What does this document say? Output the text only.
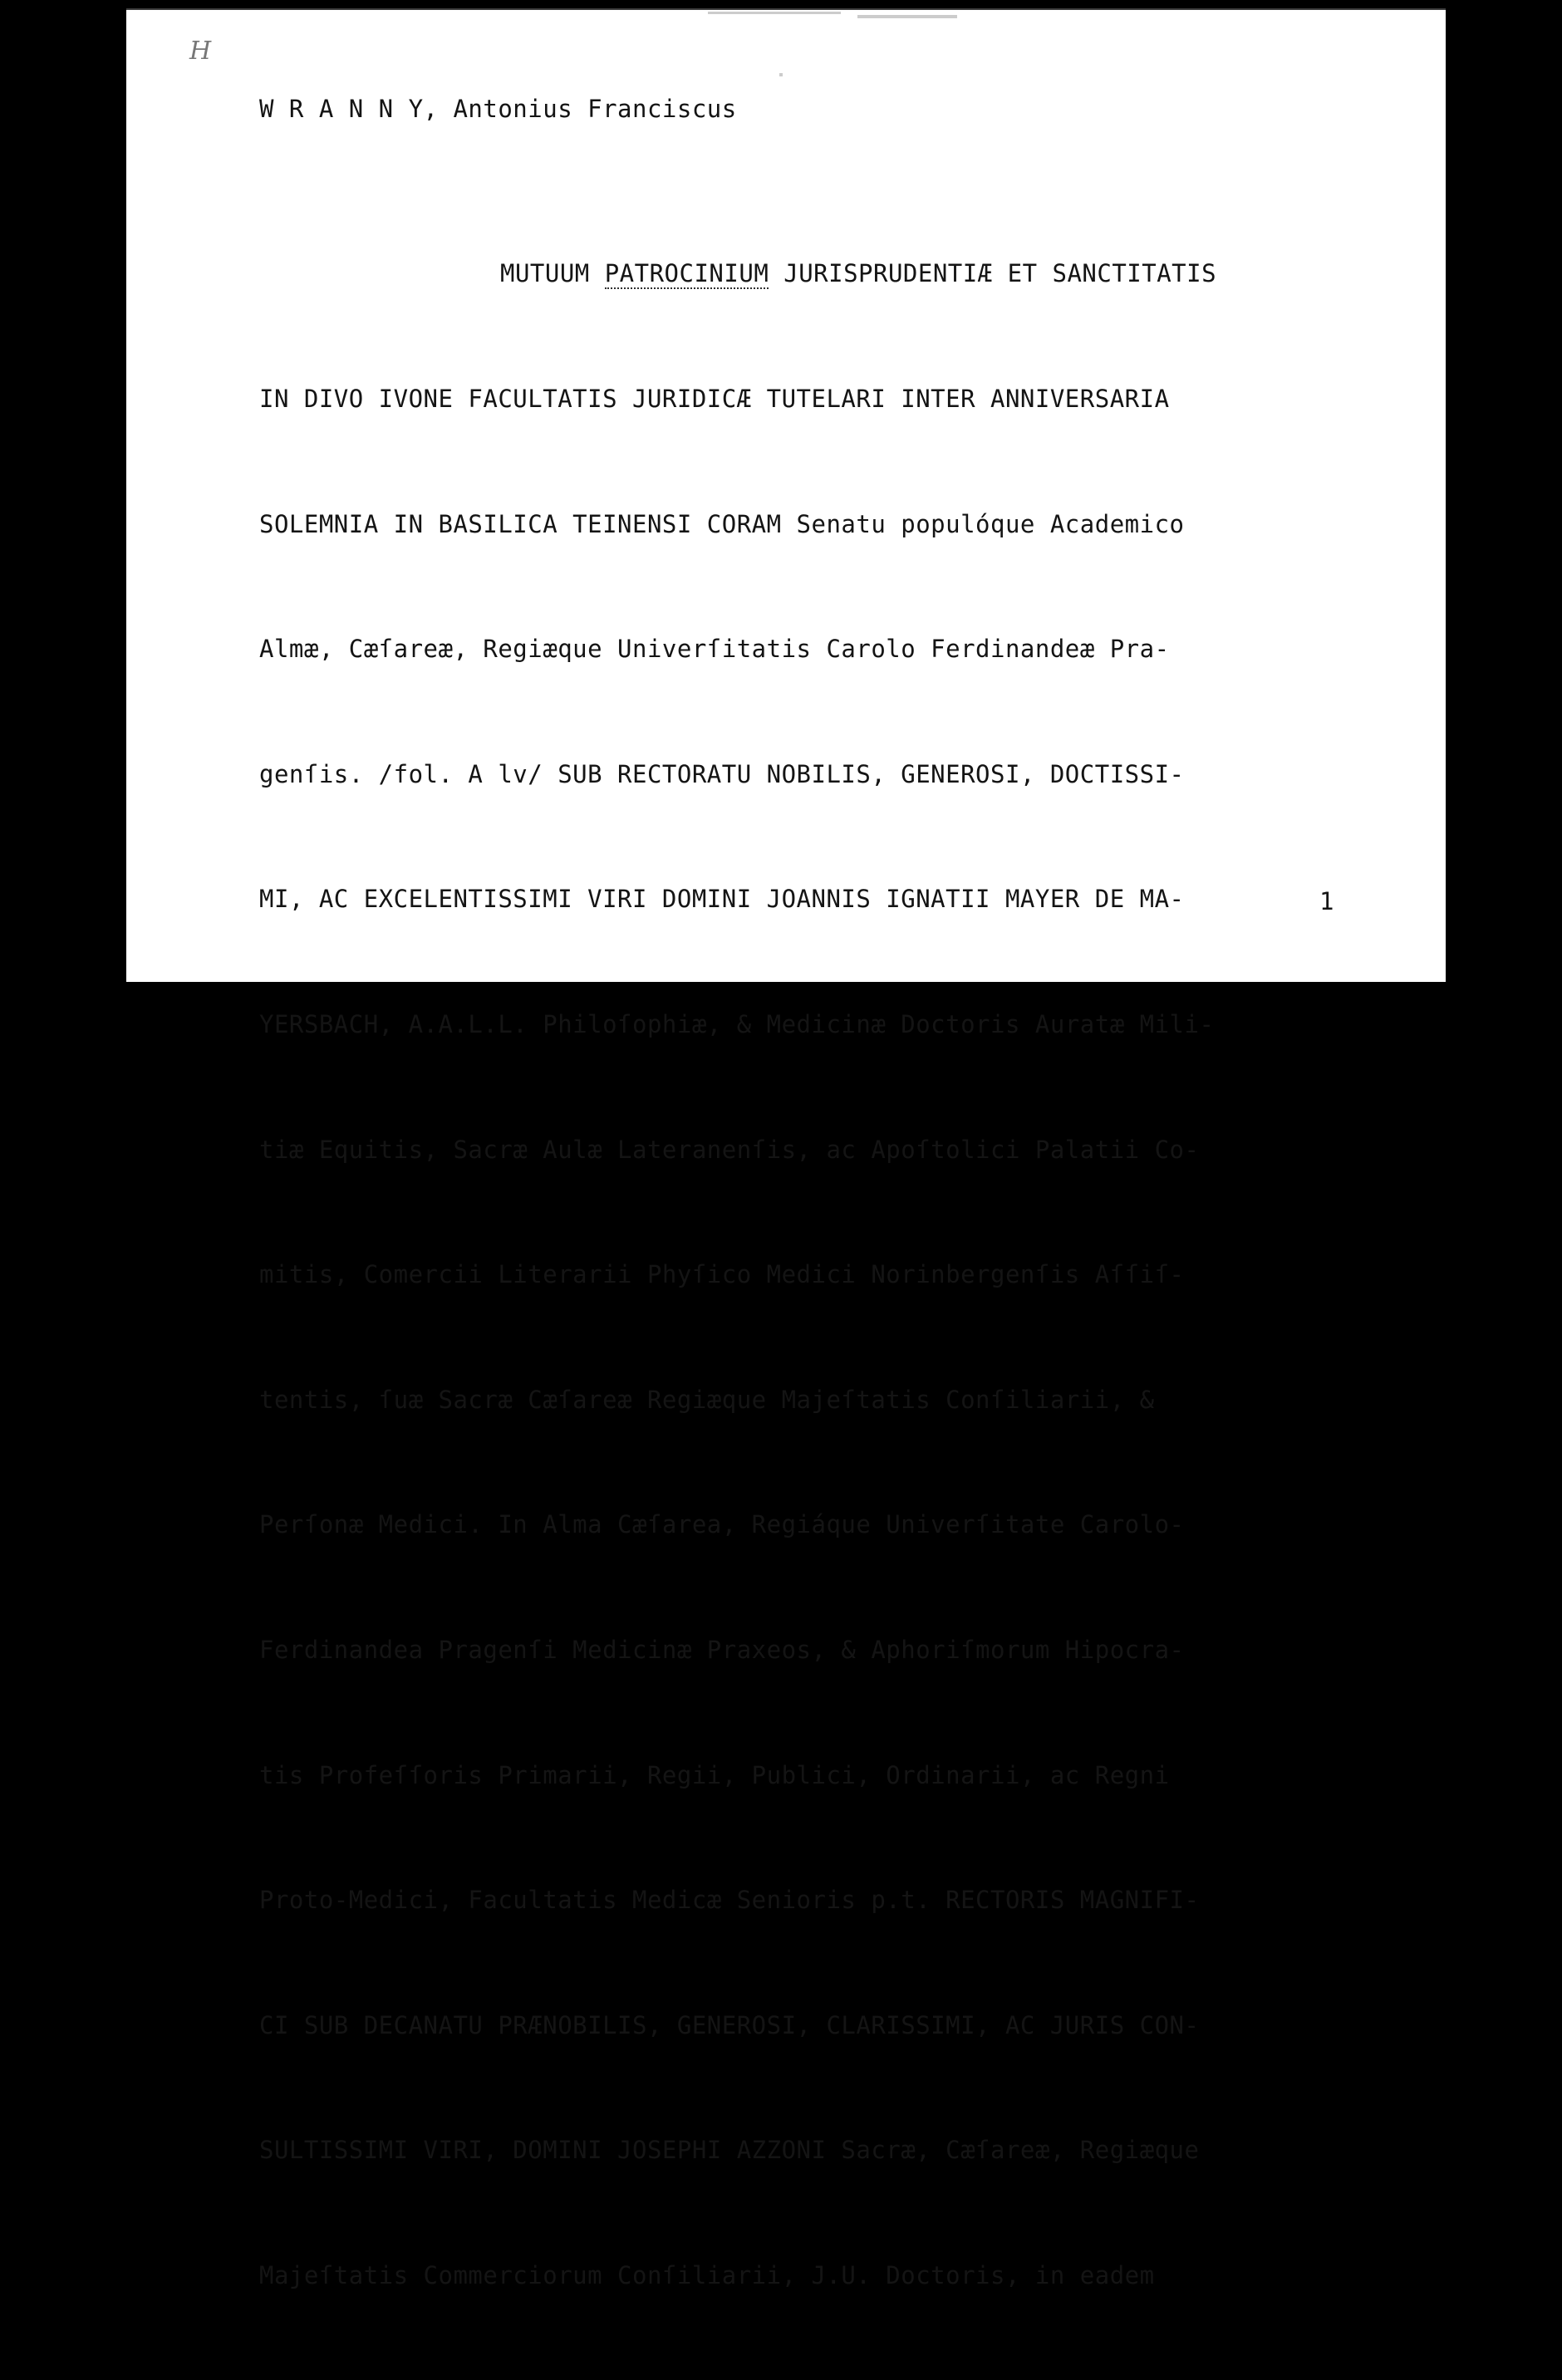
H
W R A N N Y, Antonius Franciscus

MUTUUM PATROCINIUM JURISPRUDENTIÆ ET SANCTITATIS

IN DIVO IVONE FACULTATIS JURIDICÆ TUTELARI INTER ANNIVERSARIA

SOLEMNIA IN BASILICA TEINENSI CORAM Senatu populóque Academico

Almæ, Cæſareæ, Regiæque Univerſitatis Carolo Ferdinandeæ Pra-

genſis. /fol. A lv/ SUB RECTORATU NOBILIS, GENEROSI, DOCTISSI-

MI, AC EXCELENTISSIMI VIRI DOMINI JOANNIS IGNATII MAYER DE MA-

YERSBACH, A.A.L.L. Philoſophiæ, & Medicinæ Doctoris Auratæ Mili-

tiæ Equitis, Sacræ Aulæ Lateranenſis, ac Apoſtolici Palatii Co-

mitis, Comercii Literarii Phyſico Medici Norinbergenſis Aſſiſ-

tentis, ſuæ Sacræ Cæſareæ Regiæque Majeſtatis Conſiliarii, &

Perſonæ Medici. In Alma Cæſarea, Regiáque Univerſitate Carolo-

Ferdinandea Pragenſi Medicinæ Praxeos, & Aphoriſmorum Hipocra-

tis Profeſſoris Primarii, Regii, Publici, Ordinarii, ac Regni

Proto-Medici, Facultatis Medicæ Senioris p.t. RECTORIS MAGNIFI-

CI SUB DECANATU PRÆNOBILIS, GENEROSI, CLARISSIMI, AC JURIS CON-

SULTISSIMI VIRI, DOMINI JOSEPHI AZZONI Sacræ, Cæſareæ, Regiæque

Majeſtatis Commerciorum Conſiliarii, J.U. Doctoris, in eadem

1
